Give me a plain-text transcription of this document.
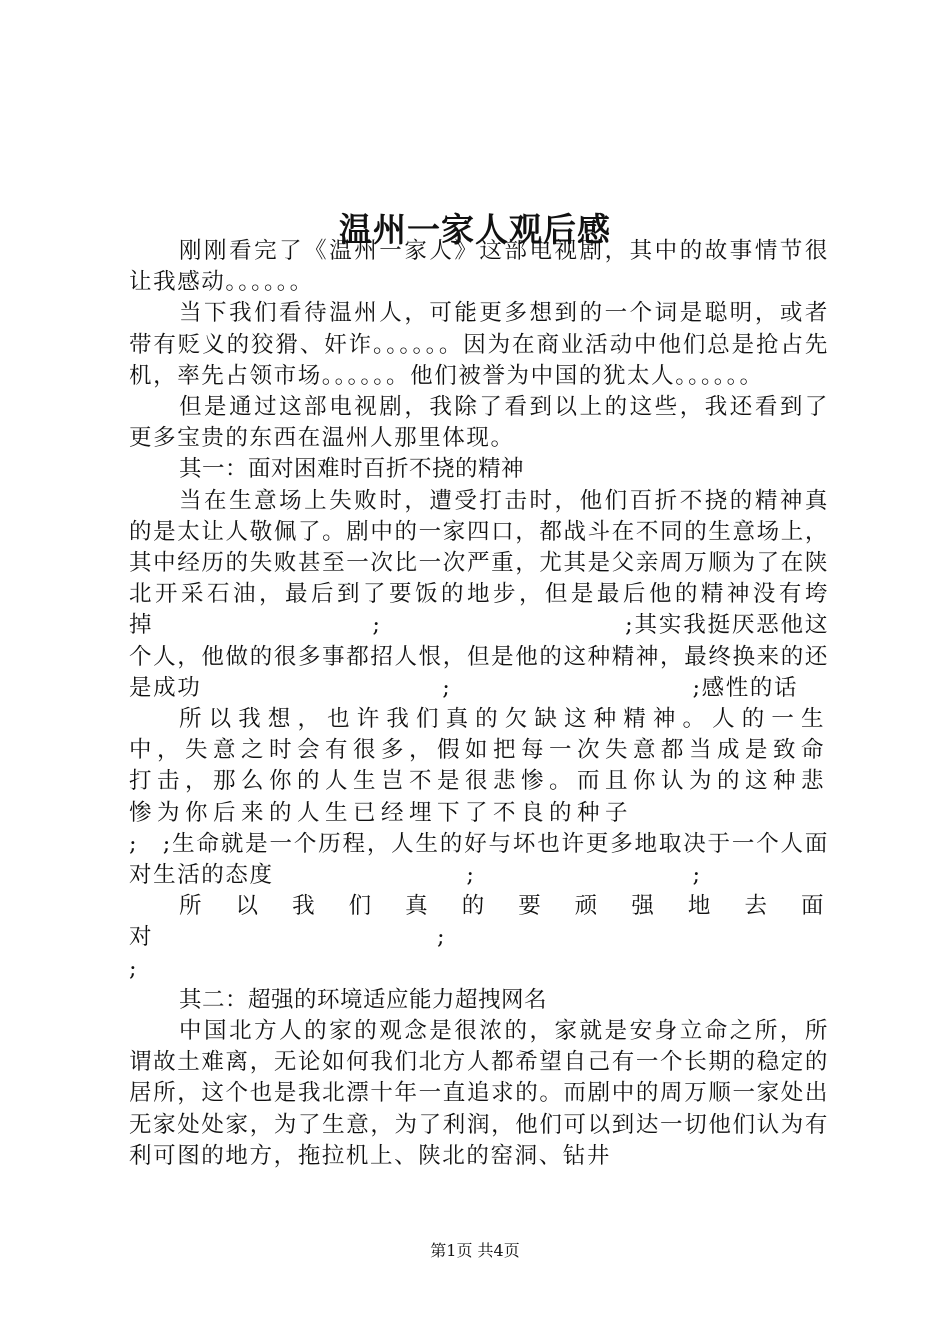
温州一家人观后感

刚刚看完了《温州一家人》这部电视剧，其中的故事情节很让我感动。。。。。。

当下我们看待温州人，可能更多想到的一个词是聪明，或者带有贬义的狡猾、奸诈。。。。。。因为在商业活动中他们总是抢占先机，率先占领市场。。。。。。他们被誉为中国的犹太人。。。。。。

但是通过这部电视剧，我除了看到以上的这些，我还看到了更多宝贵的东西在温州人那里体现。

其一：面对困难时百折不挠的精神

当在生意场上失败时，遭受打击时，他们百折不挠的精神真的是太让人敬佩了。剧中的一家四口，都战斗在不同的生意场上，其中经历的失败甚至一次比一次严重，尤其是父亲周万顺为了在陕北开采石油，最后到了要饭的地步，但是最后他的精神没有垮掉　　　　　　　　　;　　　　　　　　　　;其实我挺厌恶他这个人，他做的很多事都招人恨，但是他的这种精神，最终换来的还是成功　　　　　　　　　　;　　　　　　　　　　;感性的话

所以我想，也许我们真的欠缺这种精神。人的一生中，失意之时会有很多，假如把每一次失意都当成是致命打击，那么你的人生岂不是很悲惨。而且你认为的这种悲惨为你后来的人生已经埋下了不良的种子

;　;生命就是一个历程，人生的好与坏也许更多地取决于一个人面对生活的态度　　　　　　　　;　　　　　　　　　;

所以我们真的要顽强地去面对　　　　　　　　　　;

;

其二：超强的环境适应能力超拽网名

中国北方人的家的观念是很浓的，家就是安身立命之所，所谓故土难离，无论如何我们北方人都希望自己有一个长期的稳定的居所，这个也是我北漂十年一直追求的。而剧中的周万顺一家处出无家处处家，为了生意，为了利润，他们可以到达一切他们认为有利可图的地方，拖拉机上、陕北的窑洞、钻井

第1页 共4页
